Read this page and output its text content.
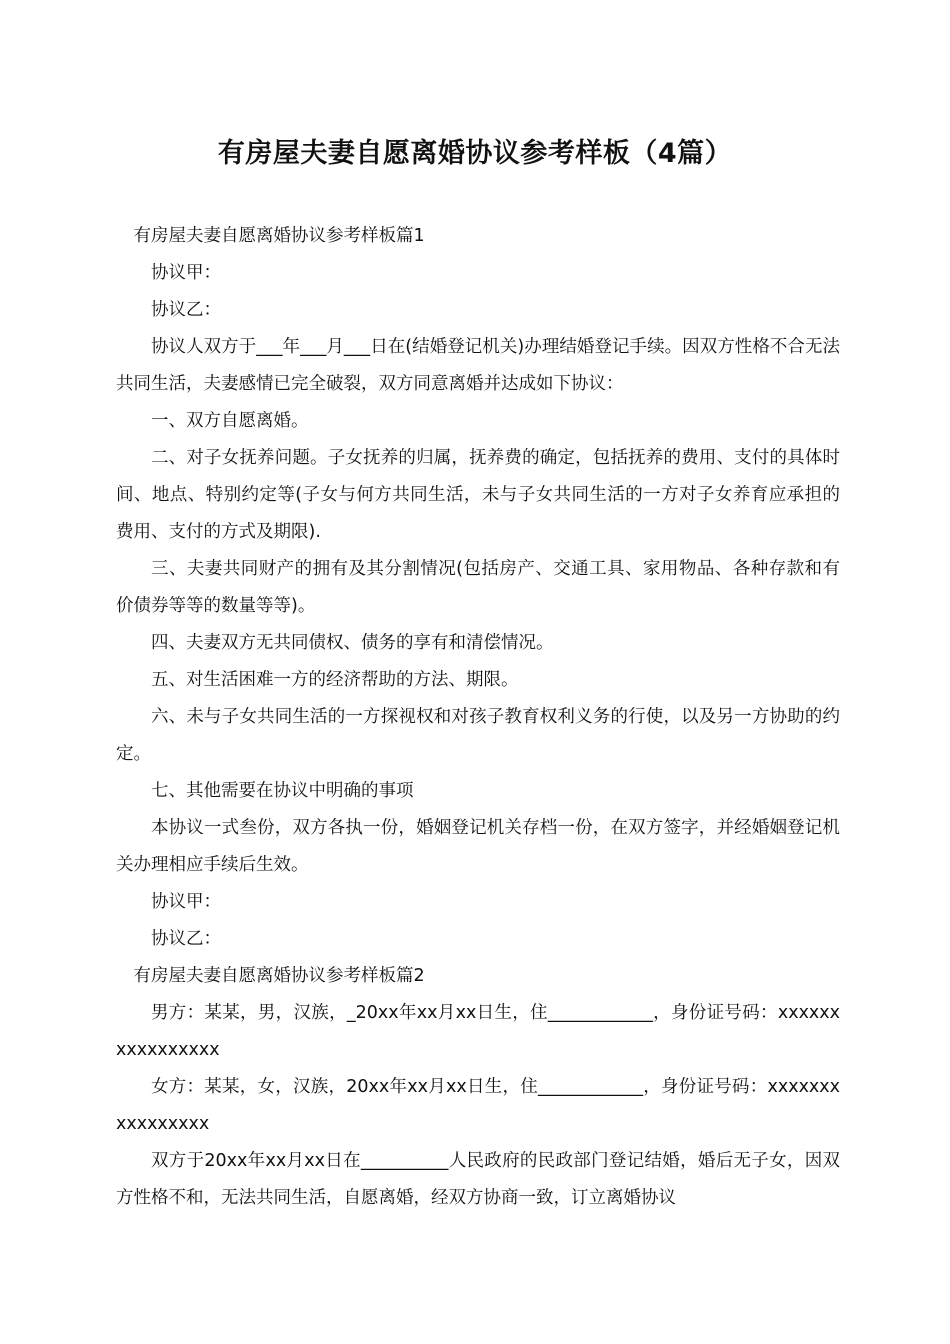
有房屋夫妻自愿离婚协议参考样板（4篇）

有房屋夫妻自愿离婚协议参考样板篇1

协议甲：

协议乙：

协议人双方于___年___月___日在(结婚登记机关)办理结婚登记手续。因双方性格不合无法共同生活，夫妻感情已完全破裂，双方同意离婚并达成如下协议：

一、双方自愿离婚。

二、对子女抚养问题。子女抚养的归属，抚养费的确定，包括抚养的费用、支付的具体时间、地点、特别约定等(子女与何方共同生活，未与子女共同生活的一方对子女养育应承担的费用、支付的方式及期限).

三、夫妻共同财产的拥有及其分割情况(包括房产、交通工具、家用物品、各种存款和有价债券等等的数量等等)。

四、夫妻双方无共同债权、债务的享有和清偿情况。

五、对生活困难一方的经济帮助的方法、期限。

六、未与子女共同生活的一方探视权和对孩子教育权利义务的行使，以及另一方协助的约定。

七、其他需要在协议中明确的事项

本协议一式叁份，双方各执一份，婚姻登记机关存档一份，在双方签字，并经婚姻登记机关办理相应手续后生效。

协议甲：

协议乙：

有房屋夫妻自愿离婚协议参考样板篇2

男方：某某，男，汉族，_20xx年xx月xx日生，住____________，身份证号码：xxxxxxxxxxxxxxxx

女方：某某，女，汉族，20xx年xx月xx日生，住____________，身份证号码：xxxxxxxxxxxxxxxx

双方于20xx年xx月xx日在__________人民政府的民政部门登记结婚，婚后无子女，因双方性格不和，无法共同生活，自愿离婚，经双方协商一致，订立离婚协议
